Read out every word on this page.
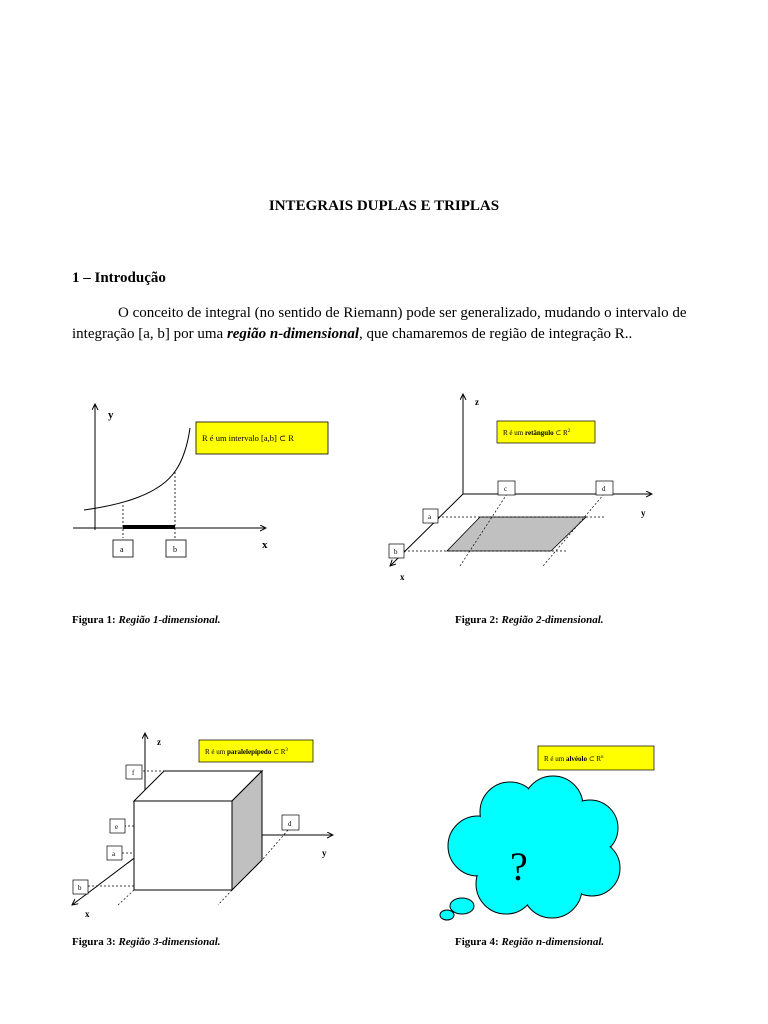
INTEGRAIS DUPLAS E TRIPLAS
1 – Introdução
O conceito de integral (no sentido de Riemann) pode ser generalizado, mudando o intervalo de integração [a, b] por uma região n-dimensional, que chamaremos de região de integração R..
y
x
a	b
R é um intervalo [a,b] ⊂ R
z
y
x
c	d
a
b
R é um retângulo ⊂ $R^2$
z
y
x
f
e
a
b
d
R é um paralelepípedo ⊂ $R^3$
?
R é um alvéolo ⊂ $R^n$
Figura 1: Região 1-dimensional.	Figura 2: Região 2-dimensional.
Figura 3: Região 3-dimensional.	Figura 4: Região n-dimensional.
